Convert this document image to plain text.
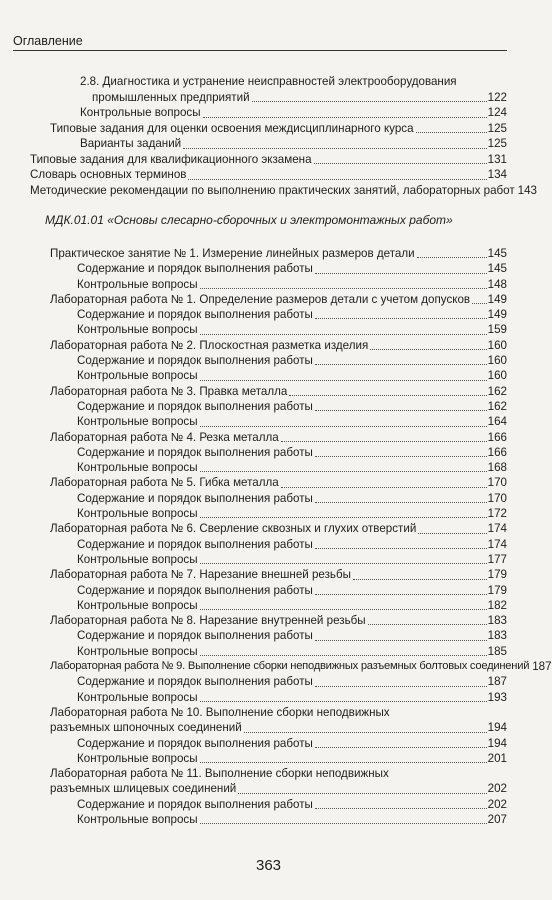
Оглавление
2.8. Диагностика и устранение неисправностей электрооборудования
промышленных предприятий	122
Контрольные вопросы	124
Типовые задания для оценки освоения междисциплинарного курса	125
Варианты заданий	125
Типовые задания для квалификационного экзамена	131
Словарь основных терминов	134
Методические рекомендации по выполнению практических занятий, лабораторных работ 143
МДК.01.01 «Основы слесарно-сборочных и электромонтажных работ»
Практическое занятие № 1. Измерение линейных размеров детали	145
Содержание и порядок выполнения работы	145
Контрольные вопросы	148
Лабораторная работа № 1. Определение размеров детали с учетом допусков 149
Содержание и порядок выполнения работы	149
Контрольные вопросы	159
Лабораторная работа № 2. Плоскостная разметка изделия	160
Содержание и порядок выполнения работы	160
Контрольные вопросы	160
Лабораторная работа № 3. Правка металла	162
Содержание и порядок выполнения работы	162
Контрольные вопросы	164
Лабораторная работа № 4. Резка металла	166
Содержание и порядок выполнения работы	166
Контрольные вопросы	168
Лабораторная работа № 5. Гибка металла	170
Содержание и порядок выполнения работы	170
Контрольные вопросы	172
Лабораторная работа № 6. Сверление сквозных и глухих отверстий	174
Содержание и порядок выполнения работы	174
Контрольные вопросы	177
Лабораторная работа № 7. Нарезание внешней резьбы	179
Содержание и порядок выполнения работы	179
Контрольные вопросы	182
Лабораторная работа № 8. Нарезание внутренней резьбы	183
Содержание и порядок выполнения работы	183
Контрольные вопросы	185
Лабораторная работа № 9. Выполнение сборки неподвижных разъемных болтовых соединений 187
Содержание и порядок выполнения работы	187
Контрольные вопросы	193
Лабораторная работа № 10. Выполнение сборки неподвижных
разъемных шпоночных соединений	194
Содержание и порядок выполнения работы	194
Контрольные вопросы	201
Лабораторная работа № 11. Выполнение сборки неподвижных
разъемных шлицевых соединений	202
Содержание и порядок выполнения работы	202
Контрольные вопросы	207
363
